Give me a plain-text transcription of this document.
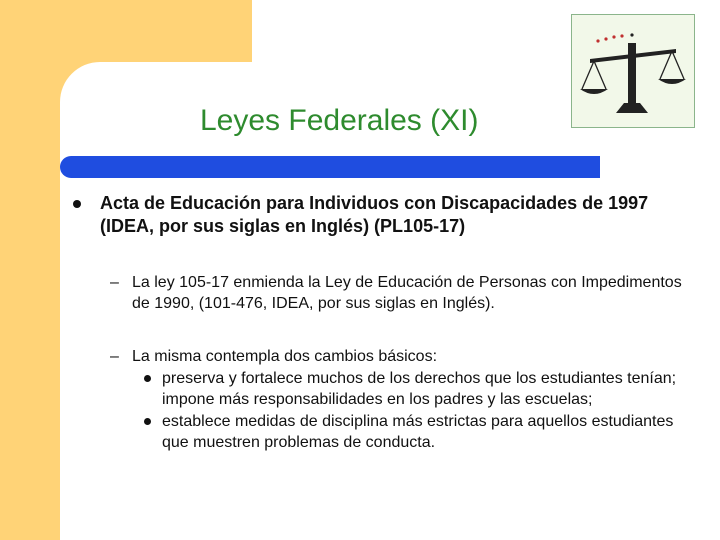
Leyes Federales (XI)
Acta de Educación para Individuos con Discapacidades de 1997 (IDEA, por sus siglas en Inglés) (PL105-17)
– La ley 105-17 enmienda la Ley de Educación de Personas con Impedimentos de 1990, (101-476, IDEA, por sus siglas en Inglés).
– La misma contempla dos cambios básicos:
preserva y fortalece muchos de los derechos que los estudiantes tenían; impone más responsabilidades en los padres y las escuelas;
establece medidas de disciplina más estrictas para aquellos estudiantes que muestren problemas de conducta.
